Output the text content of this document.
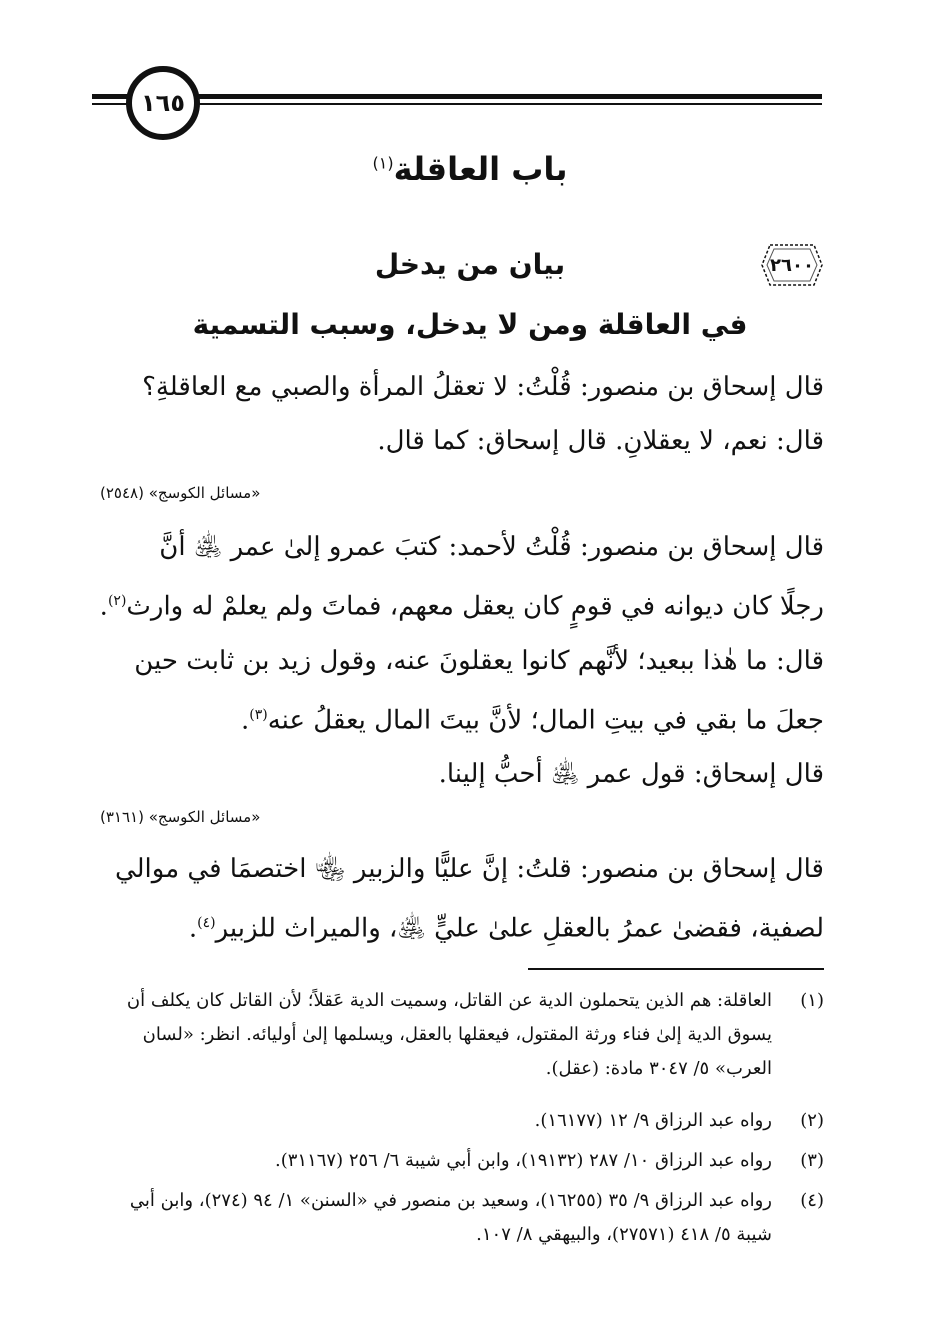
١٦٥
باب العاقلة$^{(١)}$
٢٦٠٠
بيان من يدخل
في العاقلة ومن لا يدخل، وسبب التسمية
قال إسحاق بن منصور: قُلْتُ: لا تعقلُ المرأة والصبي مع العاقلةِ؟
قال: نعم، لا يعقلانِ. قال إسحاق: كما قال.
«مسائل الكوسج» (٢٥٤٨)
قال إسحاق بن منصور: قُلْتُ لأحمد: كتبَ عمرو إلىٰ عمر ﵁ أنَّ
رجلًا كان ديوانه في قومٍ كان يعقل معهم، فماتَ ولم يعلمْ له وارث$^{(٢)}$.
قال: ما هٰذا ببعيد؛ لأنَّهم كانوا يعقلونَ عنه، وقول زيد بن ثابت حين
جعلَ ما بقي في بيتِ المال؛ لأنَّ بيتَ المال يعقلُ عنه$^{(٣)}$.
قال إسحاق: قول عمر ﵁ أحبُّ إلينا.
«مسائل الكوسج» (٣١٦١)
قال إسحاق بن منصور: قلتُ: إنَّ عليًّا والزبير ﵄ اختصمَا في موالي
لصفية، فقضىٰ عمرُ بالعقلِ علىٰ عليٍّ ﵁، والميراث للزبير$^{(٤)}$.
(١)
العاقلة: هم الذين يتحملون الدية عن القاتل، وسميت الدية عَقلاً؛ لأن القاتل كان يكلف أن يسوق الدية إلىٰ فناء ورثة المقتول، فيعقلها بالعقل، ويسلمها إلىٰ أوليائه. انظر: «لسان العرب» ٥/ ٣٠٤٧ مادة: (عقل).
(٢)
رواه عبد الرزاق ٩/ ١٢ (١٦١٧٧).
(٣)
رواه عبد الرزاق ١٠/ ٢٨٧ (١٩١٣٢)، وابن أبي شيبة ٦/ ٢٥٦ (٣١١٦٧).
(٤)
رواه عبد الرزاق ٩/ ٣٥ (١٦٢٥٥)، وسعيد بن منصور في «السنن» ١/ ٩٤ (٢٧٤)، وابن أبي شيبة ٥/ ٤١٨ (٢٧٥٧١)، والبيهقي ٨/ ١٠٧.
